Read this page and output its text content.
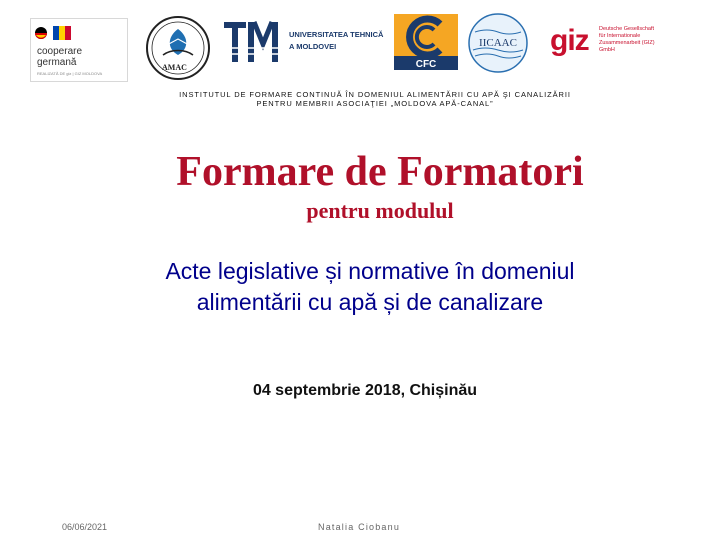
cooperare
germană
REALIZATĂ DE giz | GIZ MOLDOVA
AMAC
UNIVERSITATEA TEHNICĂ
A MOLDOVEI
CFC
IICAAC giz Deutsche Gesellschaft
für Internationale
Zusammenarbeit (GIZ) GmbH
INSTITUTUL DE FORMARE CONTINUĂ ÎN DOMENIUL ALIMENTĂRII CU APĂ ŞI CANALIZĂRII
PENTRU MEMBRII ASOCIAŢIEI „MOLDOVA APĂ-CANAL”
Formare de Formatori
pentru modulul
Acte legislative și normative în domeniul
alimentării cu apă și de canalizare
04 septembrie 2018, Chișinău
06/06/2021	Natalia Ciobanu
